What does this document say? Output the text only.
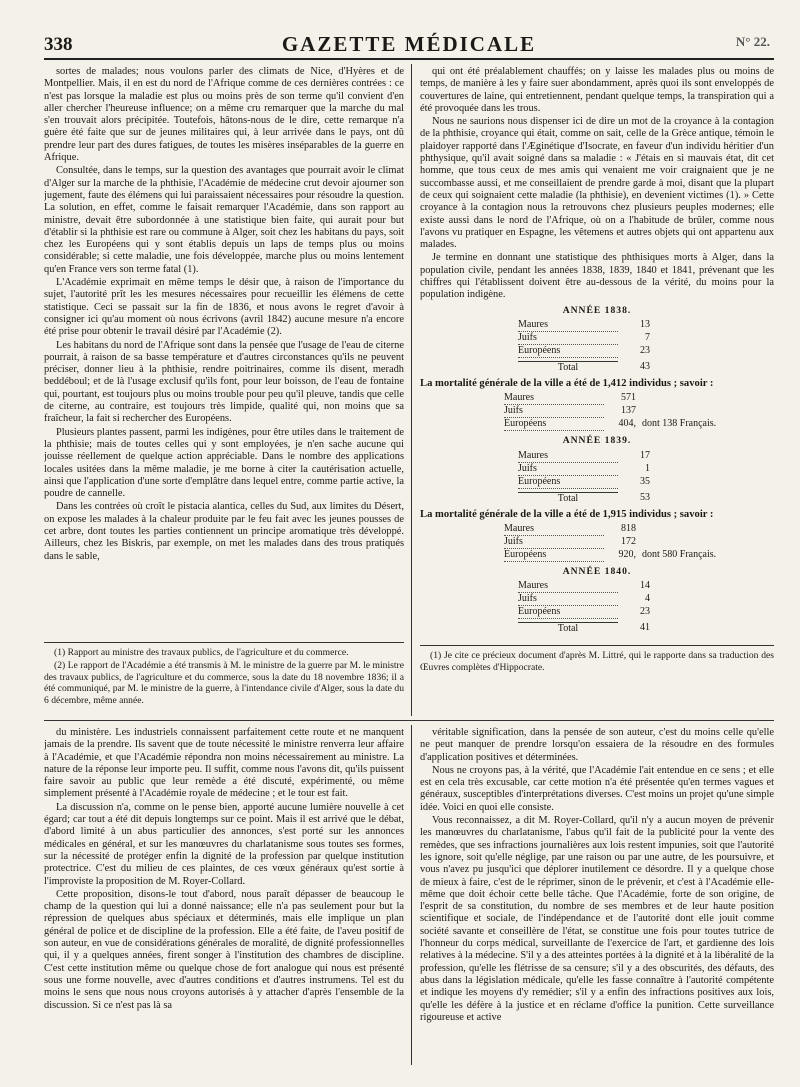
338	GAZETTE MÉDICALE	N° 22.

sortes de malades; nous voulons parler des climats de Nice, d'Hyères et de Montpellier. Mais, il en est du nord de l'Afrique comme de ces dernières contrées : ce n'est pas lorsque la maladie est plus ou moins près de son terme qu'il convient d'en aller chercher l'heureuse influence; on a même cru remarquer que la marche du mal s'en trouvait alors précipitée. Toutefois, hâtons-nous de le dire, cette remarque n'a guère été faite que sur de jeunes militaires qui, à leur arrivée dans le pays, ont dû prendre leur part des dures fatigues, de toutes les misères inséparables de la guerre en Afrique.

Consultée, dans le temps, sur la question des avantages que pourrait avoir le climat d'Alger sur la marche de la phthisie, l'Académie de médecine crut devoir ajourner son jugement, faute des élémens qui lui paraissaient nécessaires pour résoudre la question. La solution, en effet, comme le faisait remarquer l'Académie, dans son rapport au ministre, devait être subordonnée à une statistique bien faite, qui aurait pour but d'établir si la phthisie est rare ou commune à Alger, soit chez les habitans du pays, soit chez les Européens qui y sont établis depuis un laps de temps plus ou moins considérable; si cette maladie, une fois développée, marche plus ou moins lentement qu'en France vers son terme fatal (1).

L'Académie exprimait en même temps le désir que, à raison de l'importance du sujet, l'autorité prît les les mesures nécessaires pour recueillir les élémens de cette statistique. Ceci se passait sur la fin de 1836, et nous avons le regret d'avoir à consigner ici qu'au moment où nous écrivons (avril 1842) aucune mesure n'a encore été prise pour obtenir le travail désiré par l'Académie (2).

Les habitans du nord de l'Afrique sont dans la pensée que l'usage de l'eau de citerne pourrait, à raison de sa basse température et d'autres circonstances qu'ils ne peuvent préciser, donner lieu à la phthisie, rendre poitrinaires, comme ils disent, meradh beddéboul; et de là l'usage exclusif qu'ils font, pour leur boisson, de l'eau de fontaine qui, pourtant, est toujours plus ou moins trouble pour peu qu'il pleuve, tandis que celle de citerne, au contraire, est toujours très limpide, qualité qui, non moins que sa fraîcheur, la fait si rechercher des Européens.

Plusieurs plantes passent, parmi les indigènes, pour être utiles dans le traitement de la phthisie; mais de toutes celles qui y sont employées, je n'en sache aucune qui jouisse réellement de quelque action appréciable. Dans le nombre des applications locales usitées dans la même maladie, je me borne à citer la cautérisation actuelle, ainsi que l'application d'une sorte d'emplâtre dans lequel entre, comme partie active, la poudre de cannelle.

Dans les contrées où croît le pistacia alantica, celles du Sud, aux limites du Désert, on expose les malades à la chaleur produite par le feu fait avec les jeunes pousses de cet arbre, dont toutes les parties contiennent un principe aromatique très développé. Ailleurs, chez les Biskris, par exemple, on met les malades dans des trous pratiqués dans le sable,

(1) Rapport au ministre des travaux publics, de l'agriculture et du commerce.

(2) Le rapport de l'Académie a été transmis à M. le ministre de la guerre par M. le ministre des travaux publics, de l'agriculture et du commerce, sous la date du 18 novembre 1836; il a été communiqué, par M. le ministre de la guerre, à l'intendance civile d'Alger, sous la date du 6 décembre, même année.

qui ont été préalablement chauffés; on y laisse les malades plus ou moins de temps, de manière à les y faire suer abondamment, après quoi ils sont enveloppés de couvertures de laine, qui entretiennent, pendant quelque temps, la transpiration qui a été provoquée dans les trous.

Nous ne saurions nous dispenser ici de dire un mot de la croyance à la contagion de la phthisie, croyance qui était, comme on sait, celle de la Grèce antique, témoin le plaidoyer rapporté dans l'Æginétique d'Isocrate, en faveur d'un individu héritier d'un phthysique, qu'il avait soigné dans sa maladie : « J'étais en si mauvais état, dit cet homme, que tous ceux de mes amis qui venaient me voir craignaient que je ne succombasse aussi, et me conseillaient de prendre garde à moi, disant que la plupart de ceux qui soignaient cette maladie (la phthisie), en devenient victimes (1). » Cette croyance à la contagion nous la retrouvons chez plusieurs peuples modernes; elle existe aussi dans le nord de l'Afrique, où on a l'habitude de brûler, comme nous l'avons vu pratiquer en Espagne, les vêtemens et autres objets qui ont appartenu aux malades.

Je termine en donnant une statistique des phthisiques morts à Alger, dans la population civile, pendant les années 1838, 1839, 1840 et 1841, prévenant que les chiffres qui l'établissent doivent être au-dessous de la vérité, du moins pour la population indigène.

ANNÉE 1838.
Maures	13
Juifs	7
Européens	23
Total	43
La mortalité générale de la ville a été de 1,412 individus ; savoir :
Maures	571
Juifs	137
Européens	404, dont 138 Français.
ANNÉE 1839.
Maures	17
Juifs	1
Européens	35
Total	53
La mortalité générale de la ville a été de 1,915 individus ; savoir :
Maures	818
Juifs	172
Européens	920, dont 580 Français.
ANNÉE 1840.
Maures	14
Juifs	4
Européens	23
Total	41

(1) Je cite ce précieux document d'après M. Littré, qui le rapporte dans sa traduction des Œuvres complètes d'Hippocrate.

du ministère. Les industriels connaissent parfaitement cette route et ne manquent jamais de la prendre. Ils savent que de toute nécessité le ministre renverra leur affaire à l'Académie, et que l'Académie répondra non moins nécessairement au ministre. La nature de la réponse leur importe peu. Il suffit, comme nous l'avons dit, qu'ils puissent faire savoir au public que leur remède a été discuté, expérimenté, ou même simplement présenté à l'Académie royale de médecine ; et le tour est fait.

La discussion n'a, comme on le pense bien, apporté aucune lumière nouvelle à cet égard; car tout a été dit depuis longtemps sur ce point. Mais il est arrivé que le débat, d'abord limité à un abus particulier des annonces, s'est porté sur les annonces médicales en général, et sur les manœuvres du charlatanisme sous toutes ses formes, sur la nécessité de protéger enfin la dignité de la profession par quelque institution protectrice. C'est du milieu de ces plaintes, de ces vœux généraux qu'est sortie à l'improviste la proposition de M. Royer-Collard.

Cette proposition, disons-le tout d'abord, nous paraît dépasser de beaucoup le champ de la question qui lui a donné naissance; elle n'a pas seulement pour but la répression de quelques abus spéciaux et déterminés, mais elle implique un plan général de police et de discipline de la profession. Elle a été faite, de l'aveu positif de son auteur, en vue de considérations générales de moralité, de dignité professionnelles qui, il y a quelques années, firent songer à l'institution des chambres de discipline. C'est cette institution même ou quelque chose de fort analogue qui nous est présenté sous une forme nouvelle, avec d'autres conditions et d'autres instrumens. Tel est du moins le sens que nous nous croyons autorisés à y attacher d'après l'ensemble de la discussion. Si ce n'est pas là sa

véritable signification, dans la pensée de son auteur, c'est du moins celle qu'elle ne peut manquer de prendre lorsqu'on essaiera de la résoudre en des formules d'application positives et déterminées.

Nous ne croyons pas, à la vérité, que l'Académie l'ait entendue en ce sens ; et elle est en cela très excusable, car cette motion n'a été présentée qu'en termes vagues et généraux, susceptibles d'interprétations diverses. C'est moins un projet qu'une simple idée. Voici en quoi elle consiste.

Vous reconnaissez, a dit M. Royer-Collard, qu'il n'y a aucun moyen de prévenir les manœuvres du charlatanisme, l'abus qu'il fait de la publicité pour la vente des remèdes, que ses infractions journalières aux lois restent impunies, soit que l'autorité les ignore, soit qu'elle néglige, par une raison ou par une autre, de les poursuivre, et vous n'avez pu jusqu'ici que déplorer inutilement ce désordre. Il y a quelque chose de mieux à faire, c'est de le réprimer, sinon de le prévenir, et c'est à l'Académie elle-même que doit échoir cette belle tâche. Que l'Académie, forte de son origine, de l'esprit de sa constitution, du nombre de ses membres et de leur haute position scientifique et sociale, de l'indépendance et de l'autorité dont elle jouit comme société savante et conseillère de l'état, se constitue une fois pour toutes tutrice de l'honneur du corps médical, surveillante de l'exercice de l'art, et gardienne des lois relatives à la médecine. S'il y a des atteintes portées à la dignité et à la libéralité de la profession, qu'elle les flétrisse de sa censure; s'il y a des obscurités, des défauts, des abus dans la législation médicale, qu'elle les fasse connaître à l'autorité compétente et indique les moyens d'y remédier; s'il y a enfin des infractions positives aux lois, qu'elle les défère à la justice et en réclame d'office la punition. Cette surveillance rigoureuse et active
